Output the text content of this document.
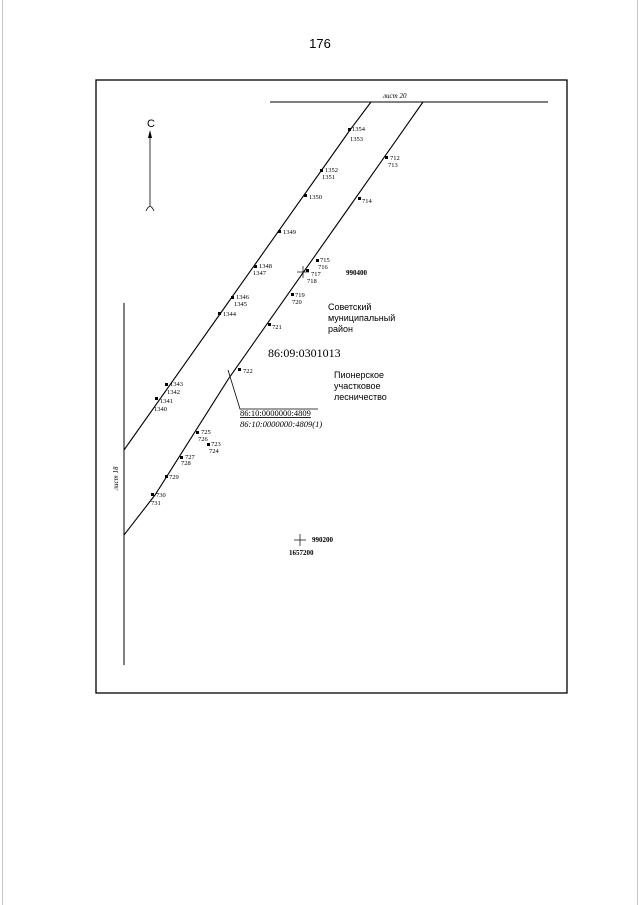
176
лист 20
С
лист 18
1354
1353
1352
1351
1350
1349
1348
1347
1346
1345
1344
1343
1342
1341
1340
712
713
714
715
716
717
718
719
720
721
722
723
724
725
726
727
728
729
730
731
990400
990200
1657200
Советский
муниципальный
район
86:09:0301013
Пионерское
участковое
лесничество
86:10:0000000:4809
86:10:0000000:4809(1)
